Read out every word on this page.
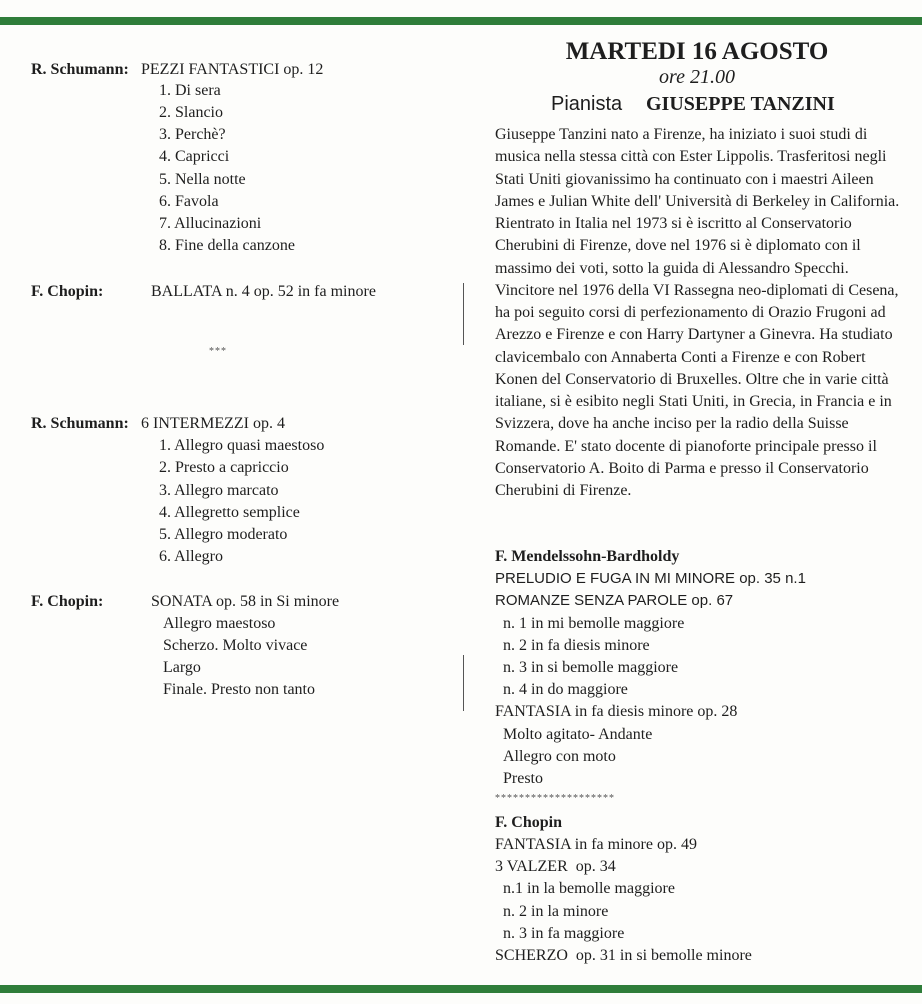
R. Schumann: PEZZI FANTASTICI op. 12
1. Di sera
2. Slancio
3. Perchè?
4. Capricci
5. Nella notte
6. Favola
7. Allucinazioni
8. Fine della canzone
F. Chopin:	BALLATA n. 4 op. 52 in fa minore
***
R. Schumann: 6 INTERMEZZI op. 4
1. Allegro quasi maestoso
2. Presto a capriccio
3. Allegro marcato
4. Allegretto semplice
5. Allegro moderato
6. Allegro
F. Chopin:	SONATA op. 58 in Si minore
Allegro maestoso
Scherzo. Molto vivace
Largo
Finale. Presto non tanto
MARTEDI 16 AGOSTO
ore 21.00
Pianista GIUSEPPE TANZINI

Giuseppe Tanzini nato a Firenze, ha iniziato i suoi studi di musica nella stessa città con Ester Lippolis. Trasferitosi negli Stati Uniti giovanissimo ha continuato con i maestri Aileen James e Julian White dell' Università di Berkeley in California. Rientrato in Italia nel 1973 si è iscritto al Conservatorio Cherubini di Firenze, dove nel 1976 si è diplomato con il massimo dei voti, sotto la guida di Alessandro Specchi. Vincitore nel 1976 della VI Rassegna neo-diplomati di Cesena, ha poi seguito corsi di perfezionamento di Orazio Frugoni ad Arezzo e Firenze e con Harry Dartyner a Ginevra. Ha studiato clavicembalo con Annaberta Conti a Firenze e con Robert Konen del Conservatorio di Bruxelles. Oltre che in varie città italiane, si è esibito negli Stati Uniti, in Grecia, in Francia e in Svizzera, dove ha anche inciso per la radio della Suisse Romande. E' stato docente di pianoforte principale presso il Conservatorio A. Boito di Parma e presso il Conservatorio Cherubini di Firenze.

F. Mendelssohn-Bardholdy
PRELUDIO E FUGA IN MI MINORE op. 35 n.1
ROMANZE SENZA PAROLE op. 67
n. 1 in mi bemolle maggiore
n. 2 in fa diesis minore
n. 3 in si bemolle maggiore
n. 4 in do maggiore
FANTASIA in fa diesis minore op. 28
Molto agitato- Andante
Allegro con moto
Presto
********************
F. Chopin
FANTASIA in fa minore op. 49
3 VALZER  op. 34
n.1 in la bemolle maggiore
n. 2 in la minore
n. 3 in fa maggiore
SCHERZO  op. 31 in si bemolle minore
